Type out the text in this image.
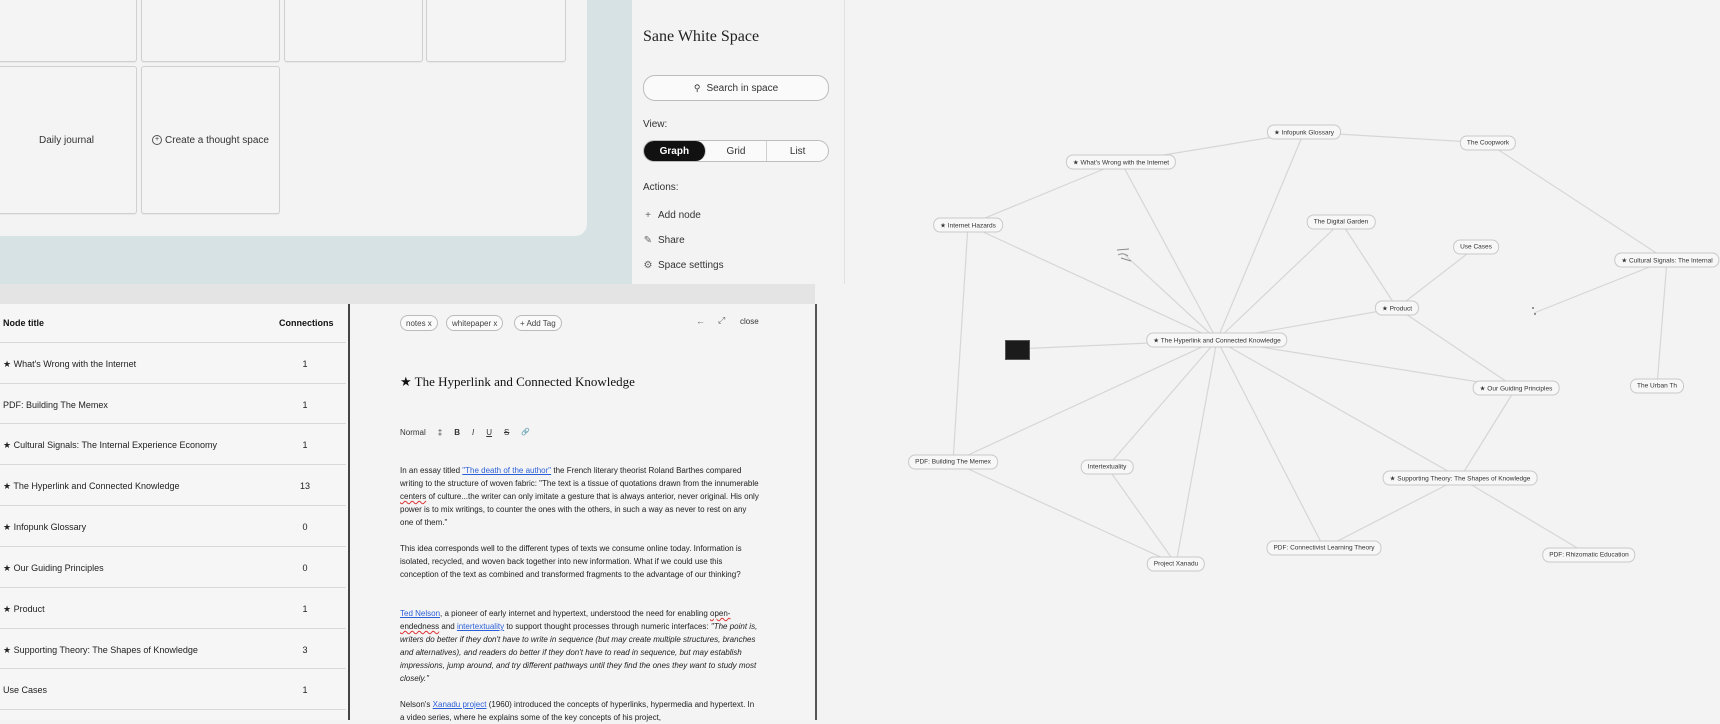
Daily journal	+ Create a thought space
Sane White Space
⚲ Search in space
View:
Graph	Grid	List
Actions:
+ Add node
✎ Share
⚙ Space settings
Node title	Connections
★ What's Wrong with the Internet	1
PDF: Building The Memex	1
★ Cultural Signals: The Internal Experience Economy	1
★ The Hyperlink and Connected Knowledge	13
★ Infopunk Glossary	0
★ Our Guiding Principles	0
★ Product	1
★ Supporting Theory: The Shapes of Knowledge	3
Use Cases	1
notes x	whitepaper x	+ Add Tag	← ⤢ close
★ The Hyperlink and Connected Knowledge
Normal ‡ B I U S 🔗
In an essay titled "The death of the author" the French literary theorist Roland Barthes compared writing to the structure of woven fabric: "The text is a tissue of quotations drawn from the innumerable centers of culture...the writer can only imitate a gesture that is always anterior, never original. His only power is to mix writings, to counter the ones with the others, in such a way as never to rest on any one of them."
This idea corresponds well to the different types of texts we consume online today. Information is isolated, recycled, and woven back together into new information. What if we could use this conception of the text as combined and transformed fragments to the advantage of our thinking?
Ted Nelson, a pioneer of early internet and hypertext, understood the need for enabling open-endedness and intertextuality to support thought processes through numeric interfaces: "The point is, writers do better if they don't have to write in sequence (but may create multiple structures, branches and alternatives), and readers do better if they don't have to read in sequence, but may establish impressions, jump around, and try different pathways until they find the ones they want to study most closely."
Nelson's Xanadu project (1960) introduced the concepts of hyperlinks, hypermedia and hypertext. In a video series, where he explains some of the key concepts of his project,
★ Infopunk Glossary
The Coopwork
★ What's Wrong with the Internet
★ Internet Hazards	The Digital Garden
Use Cases
★ Cultural Signals: The Internal
★ The Hyperlink and Connected Knowledge
★ Product
★ Our Guiding Principles	The Urban Th
PDF: Building The Memex
Intertextuality
★ Supporting Theory: The Shapes of Knowledge
Project Xanadu
PDF: Connectivist Learning Theory
PDF: Rhizomatic Education
